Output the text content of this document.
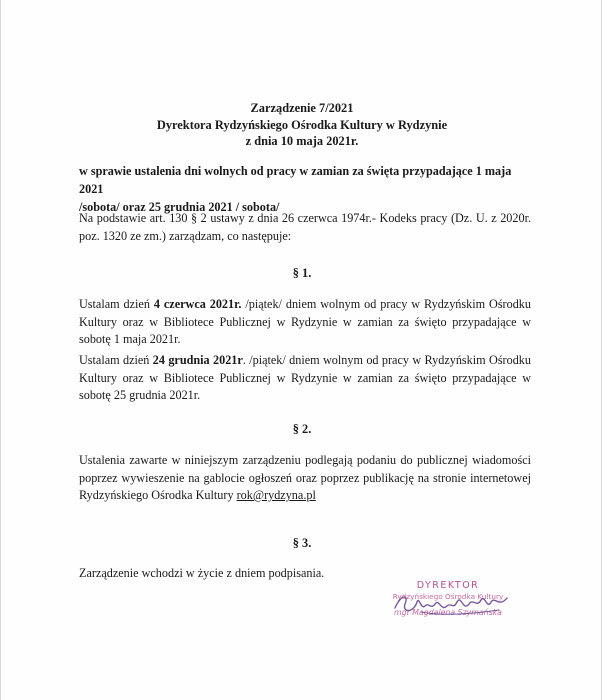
Zarządzenie 7/2021
Dyrektora Rydzyńskiego Ośrodka Kultury w Rydzynie
z dnia 10 maja 2021r.
w sprawie ustalenia dni wolnych od pracy w zamian za święta przypadające 1 maja 2021
/sobota/ oraz 25 grudnia 2021 / sobota/
Na podstawie art. 130 § 2 ustawy z dnia 26 czerwca 1974r.- Kodeks pracy (Dz. U. z 2020r. poz. 1320 ze zm.) zarządzam, co następuje:
§ 1.
Ustalam dzień 4 czerwca 2021r. /piątek/ dniem wolnym od pracy w Rydzyńskim Ośrodku Kultury oraz w Bibliotece Publicznej w Rydzynie w zamian za święto przypadające w sobotę 1 maja 2021r.
Ustalam dzień 24 grudnia 2021r. /piątek/ dniem wolnym od pracy w Rydzyńskim Ośrodku Kultury oraz w Bibliotece Publicznej w Rydzynie w zamian za święto przypadające w sobotę 25 grudnia 2021r.
§ 2.
Ustalenia zawarte w niniejszym zarządzeniu podlegają podaniu do publicznej wiadomości poprzez wywieszenie na gablocie ogłoszeń oraz poprzez publikację na stronie internetowej Rydzyńskiego Ośrodka Kultury rok@rydzyna.pl
§ 3.
Zarządzenie wchodzi w życie z dniem podpisania.
DYREKTOR
Rydzyńskiego Ośrodka Kultury
mgr Magdalena Szymańska
